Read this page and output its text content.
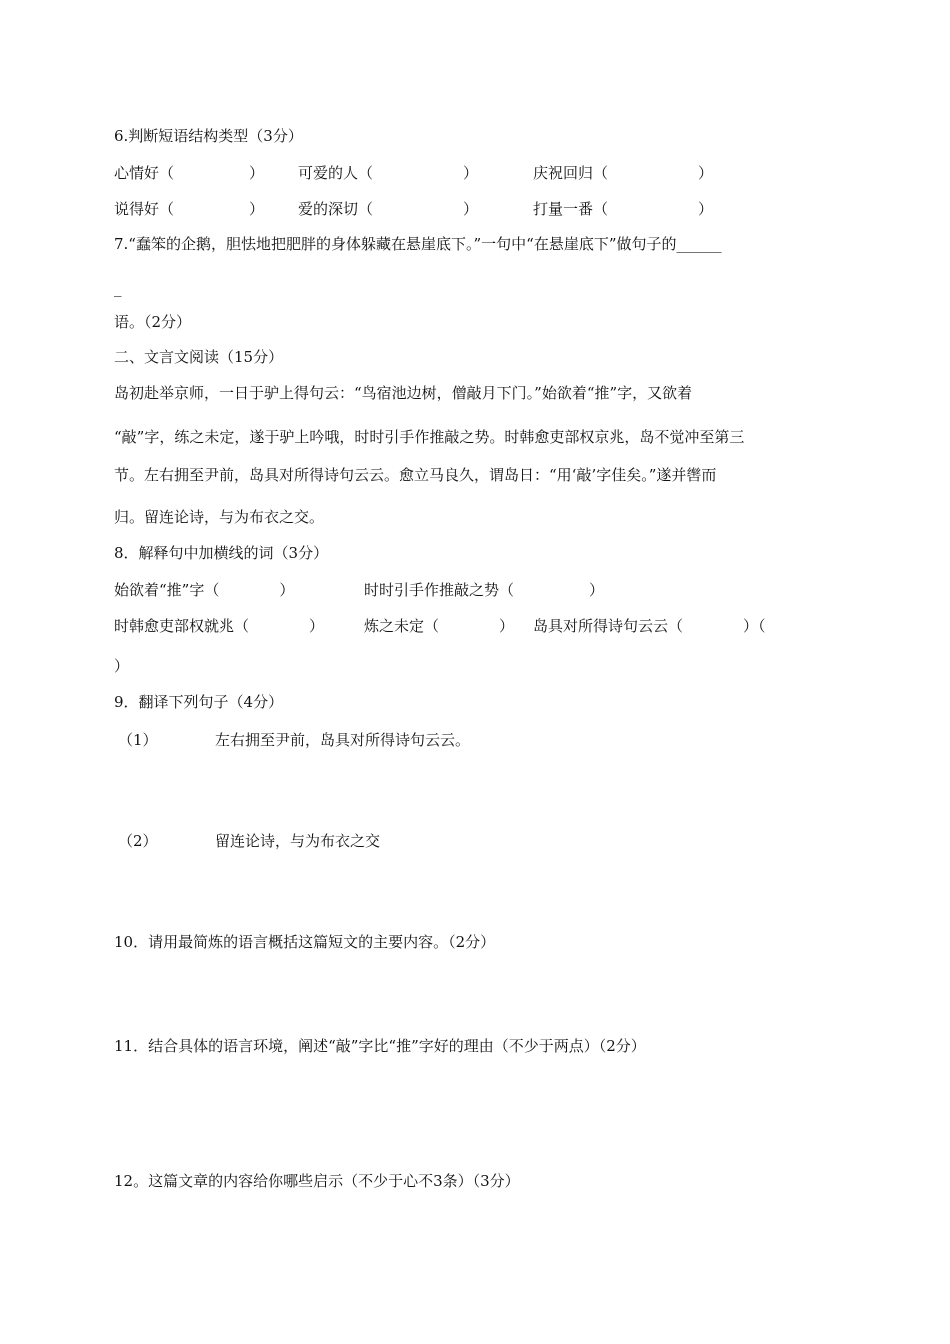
6.判断短语结构类型（3分）
心情好（　　　　　） 可爱的人（　　　　　　）	庆祝回归（　　　　　　）
说得好（　　　　　） 爱的深切（　　　　　　）	打量一番（　　　　　　）
7.“蠢笨的企鹅，胆怯地把肥胖的身体躲藏在悬崖底下。”一句中“在悬崖底下”做句子的______
_
语。（2分）
二、文言文阅读（15分）
岛初赴举京师，一日于驴上得句云：“鸟宿池边树，僧敲月下门。”始欲着“推”字，又欲着
“敲”字，练之未定，遂于驴上吟哦，时时引手作推敲之势。时韩愈吏部权京兆，岛不觉冲至第三
节。左右拥至尹前，岛具对所得诗句云云。愈立马良久，谓岛日：“用‘敲’字佳矣。”遂并辔而
归。留连论诗，与为布衣之交。
8．解释句中加横线的词（3分）
始欲着“推”字（　　　　）	时时引手作推敲之势（　　　　　）
时韩愈吏部权就兆（　　　　）	炼之未定（　　　　） 岛具对所得诗句云云（　　　　）（
）
9．翻译下列句子（4分）
（1）	左右拥至尹前，岛具对所得诗句云云。
（2）	留连论诗，与为布衣之交
10．请用最简炼的语言概括这篇短文的主要内容。（2分）
11．结合具体的语言环境，阐述“敲”字比“推”字好的理由（不少于两点）（2分）
12。这篇文章的内容给你哪些启示（不少于心不3条）（3分）
